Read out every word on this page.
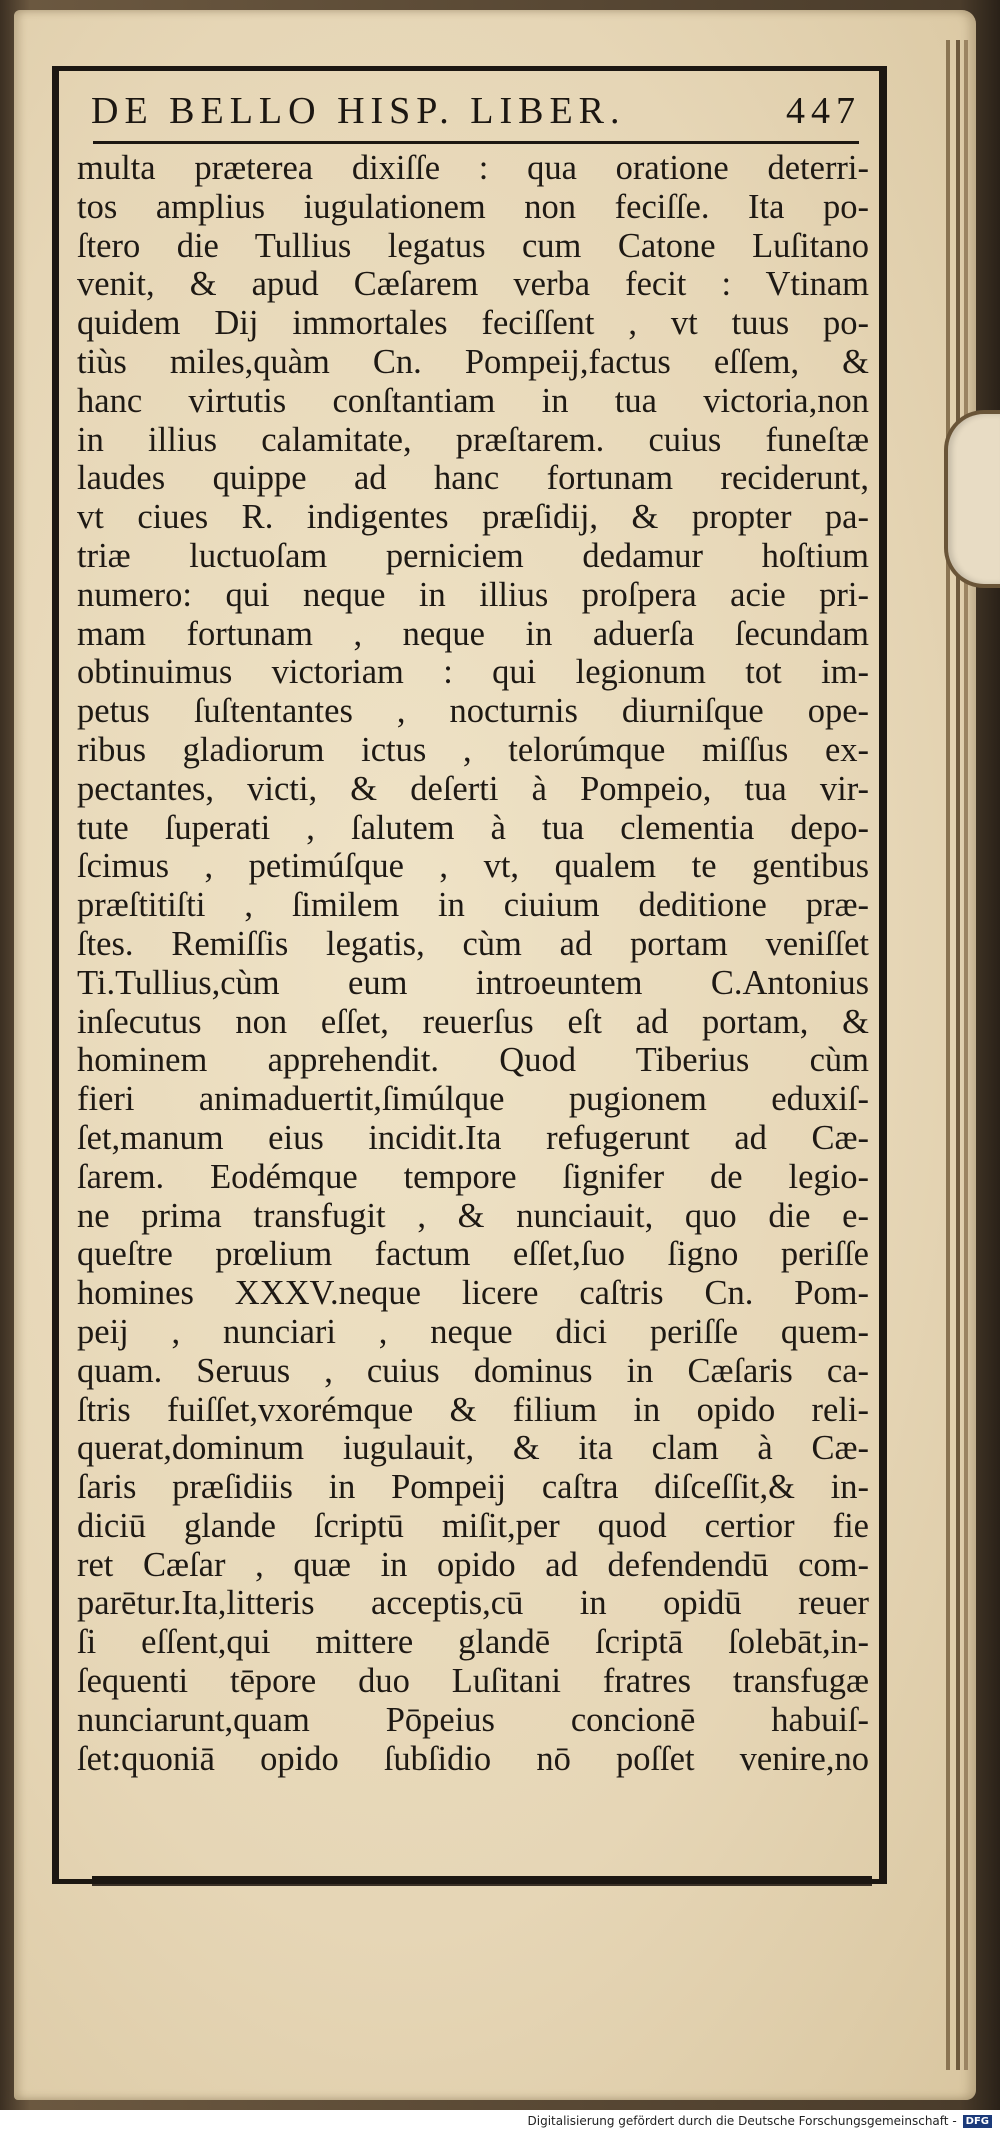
DE BELLO HISP. LIBER.	447
multa præterea dixiſſe : qua oratione deterri-
tos amplius iugulationem non feciſſe. Ita po-
ſtero die Tullius legatus cum Catone Luſitano
venit, & apud Cæſarem verba fecit : Vtinam
quidem Dij immortales feciſſent , vt tuus po-
tiùs miles,quàm Cn. Pompeij,factus eſſem, &
hanc virtutis conſtantiam in tua victoria,non
in illius calamitate, præſtarem. cuius funeſtæ
laudes quippe ad hanc fortunam reciderunt,
vt ciues R. indigentes præſidij, & propter pa-
triæ luctuoſam perniciem dedamur hoſtium
numero: qui neque in illius proſpera acie pri-
mam fortunam , neque in aduerſa ſecundam
obtinuimus victoriam : qui legionum tot im-
petus ſuſtentantes , nocturnis diurniſque ope-
ribus gladiorum ictus , telorúmque miſſus ex-
pectantes, victi, & deſerti à Pompeio, tua vir-
tute ſuperati , ſalutem à tua clementia depo-
ſcimus , petimúſque , vt, qualem te gentibus
præſtitiſti , ſimilem in ciuium deditione præ-
ſtes. Remiſſis legatis, cùm ad portam veniſſet
Ti.Tullius,cùm eum introeuntem C.Antonius
inſecutus non eſſet, reuerſus eſt ad portam, &
hominem apprehendit. Quod Tiberius cùm
fieri animaduertit,ſimúlque pugionem eduxiſ-
ſet,manum eius incidit.Ita refugerunt ad Cæ-
ſarem. Eodémque tempore ſignifer de legio-
ne prima transfugit , & nunciauit, quo die e-
queſtre prœlium factum eſſet,ſuo ſigno periſſe
homines XXXV.neque licere caſtris Cn. Pom-
peij , nunciari , neque dici periſſe quem-
quam. Seruus , cuius dominus in Cæſaris ca-
ſtris fuiſſet,vxorémque & filium in opido reli-
querat,dominum iugulauit, & ita clam à Cæ-
ſaris præſidiis in Pompeij caſtra diſceſſit,& in-
diciū glande ſcriptū miſit,per quod certior fie
ret Cæſar , quæ in opido ad defendendū com-
parētur.Ita,litteris acceptis,cū in opidū reuer
ſi eſſent,qui mittere glandē ſcriptā ſolebāt,in-
ſequenti tēpore duo Luſitani fratres transfugæ
nunciarunt,quam Pōpeius concionē habuiſ-
ſet:quoniā opido ſubſidio nō poſſet venire,no
Digitalisierung gefördert durch die Deutsche Forschungsgemeinschaft - DFG
